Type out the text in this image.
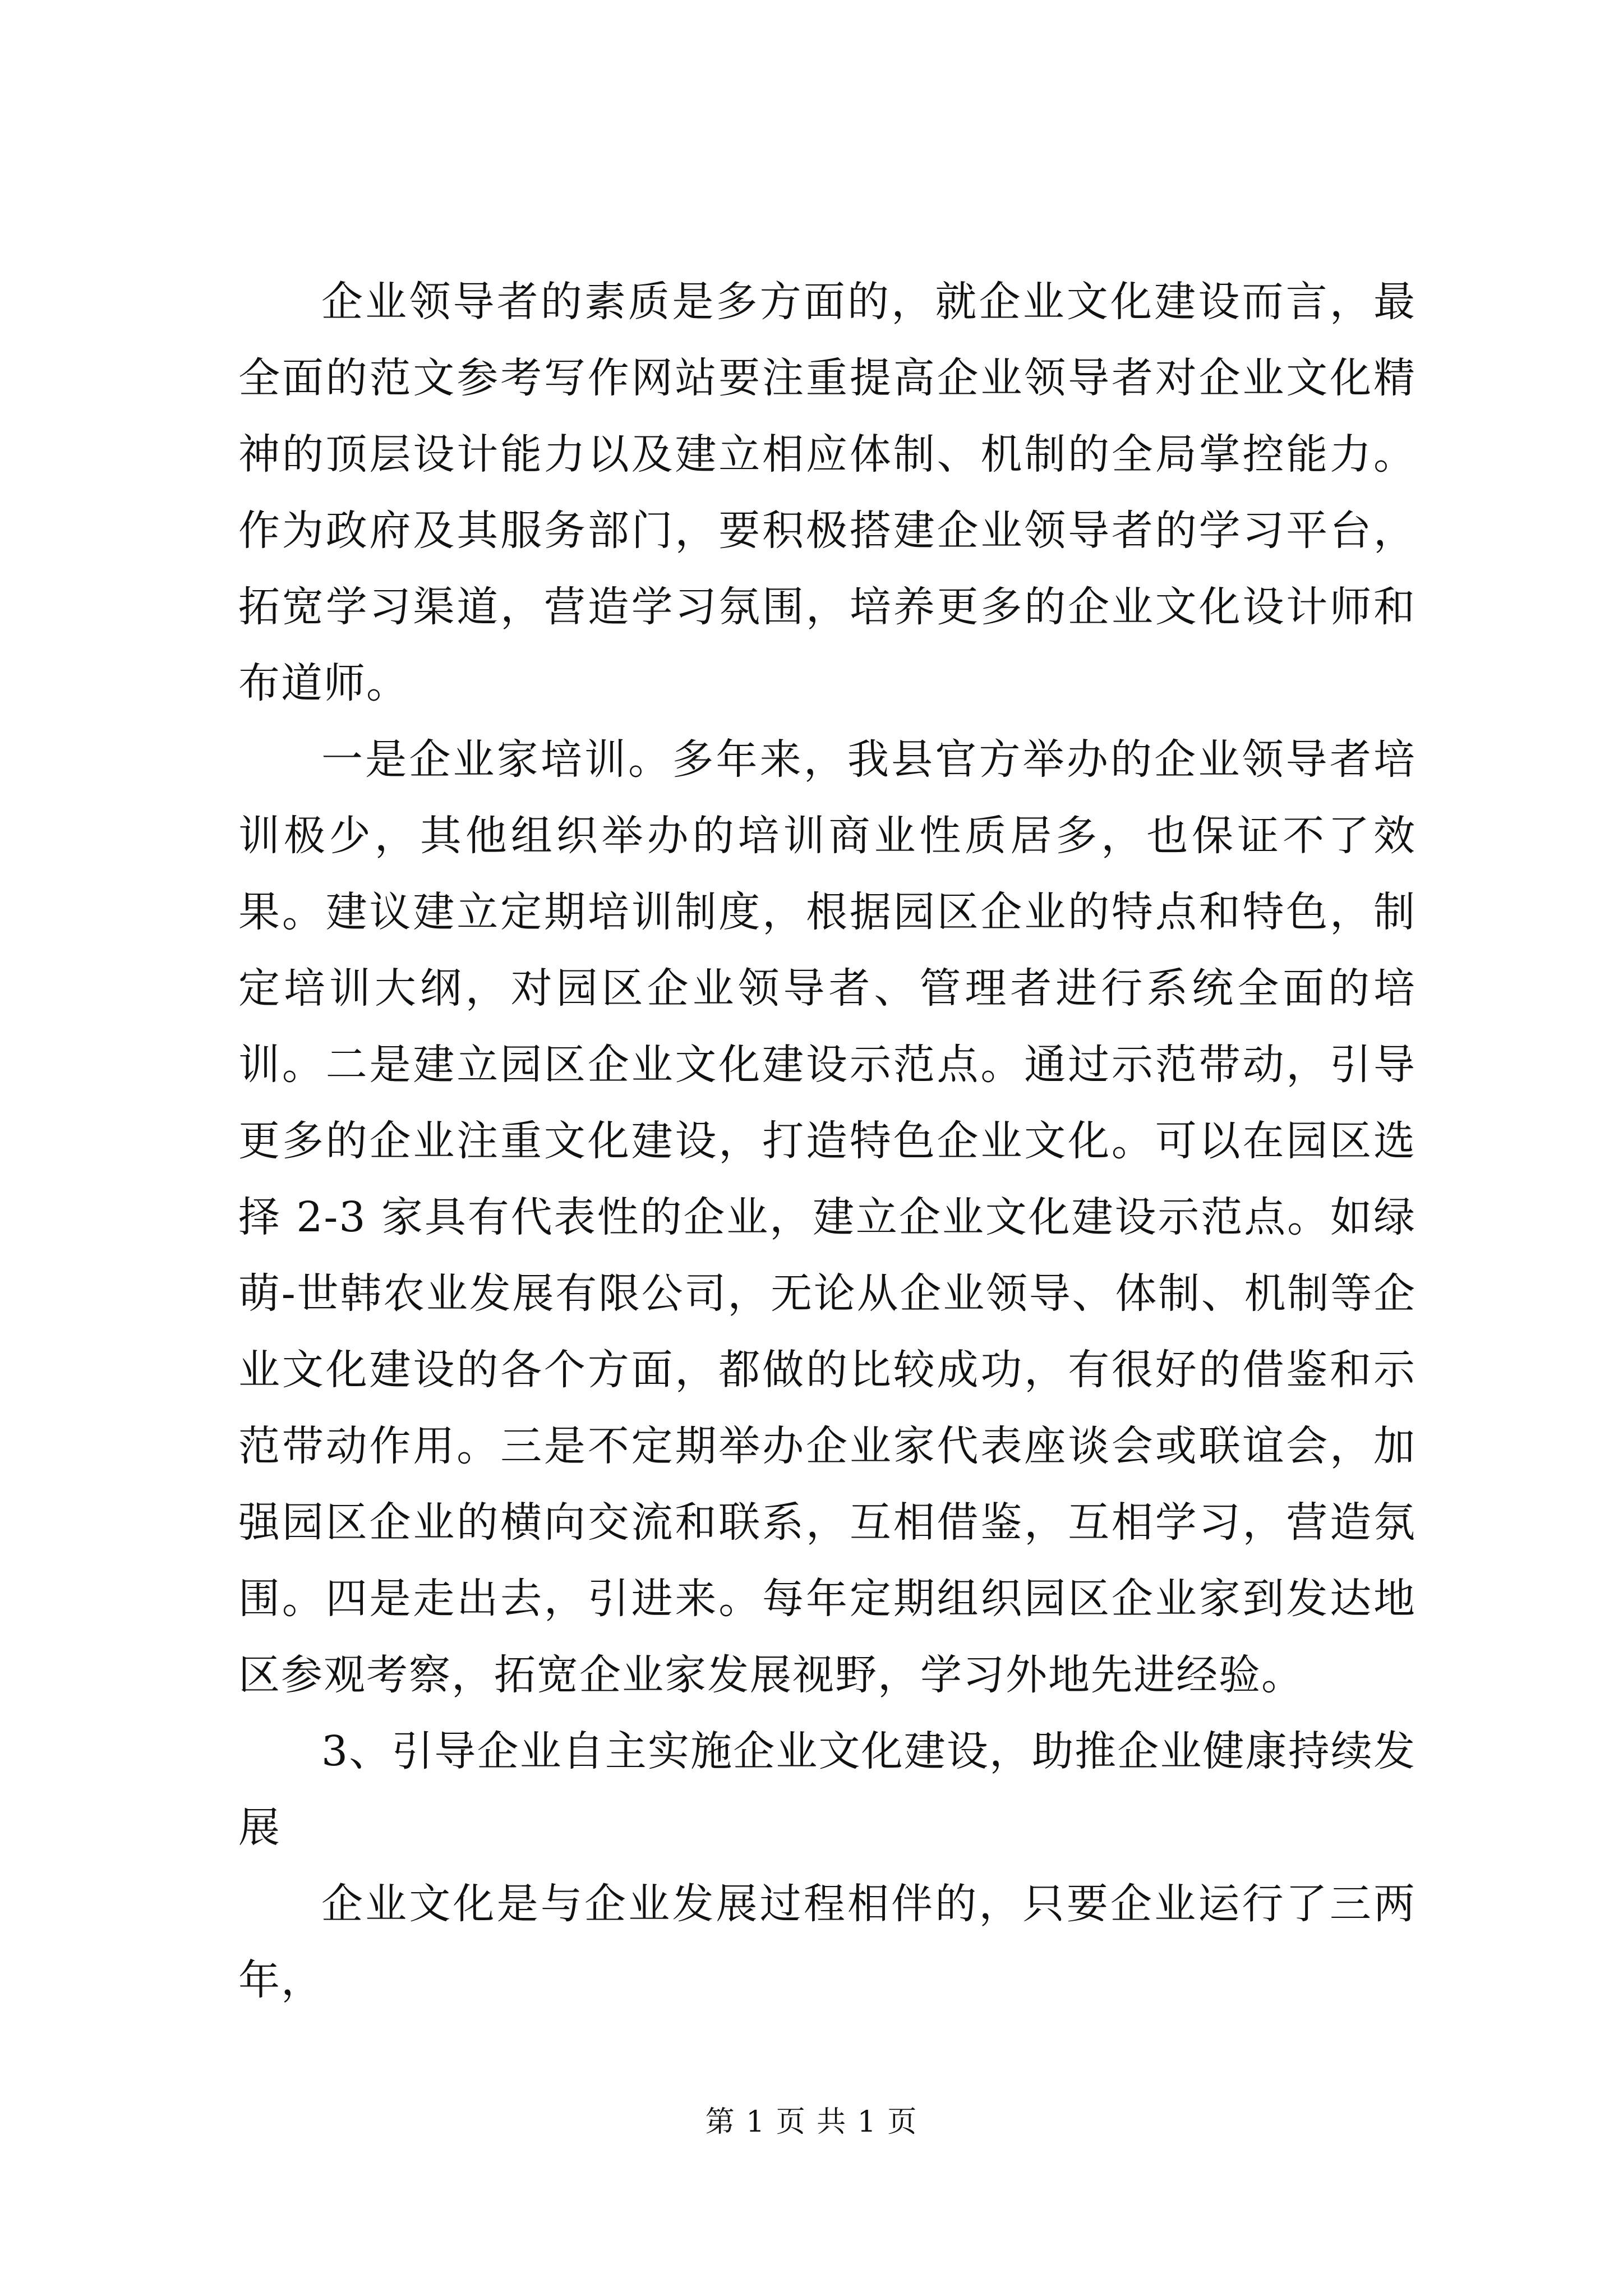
企业领导者的素质是多方面的，就企业文化建设而言，最全面的范文参考写作网站要注重提高企业领导者对企业文化精神的顶层设计能力以及建立相应体制、机制的全局掌控能力。作为政府及其服务部门，要积极搭建企业领导者的学习平台，拓宽学习渠道，营造学习氛围，培养更多的企业文化设计师和布道师。

一是企业家培训。多年来，我县官方举办的企业领导者培训极少，其他组织举办的培训商业性质居多，也保证不了效果。建议建立定期培训制度，根据园区企业的特点和特色，制定培训大纲，对园区企业领导者、管理者进行系统全面的培训。二是建立园区企业文化建设示范点。通过示范带动，引导更多的企业注重文化建设，打造特色企业文化。可以在园区选择 2-3 家具有代表性的企业，建立企业文化建设示范点。如绿萌-世韩农业发展有限公司，无论从企业领导、体制、机制等企业文化建设的各个方面，都做的比较成功，有很好的借鉴和示范带动作用。三是不定期举办企业家代表座谈会或联谊会，加强园区企业的横向交流和联系，互相借鉴，互相学习，营造氛围。四是走出去，引进来。每年定期组织园区企业家到发达地区参观考察，拓宽企业家发展视野，学习外地先进经验。

3、引导企业自主实施企业文化建设，助推企业健康持续发展

企业文化是与企业发展过程相伴的，只要企业运行了三两年，

第 1 页 共 1 页
